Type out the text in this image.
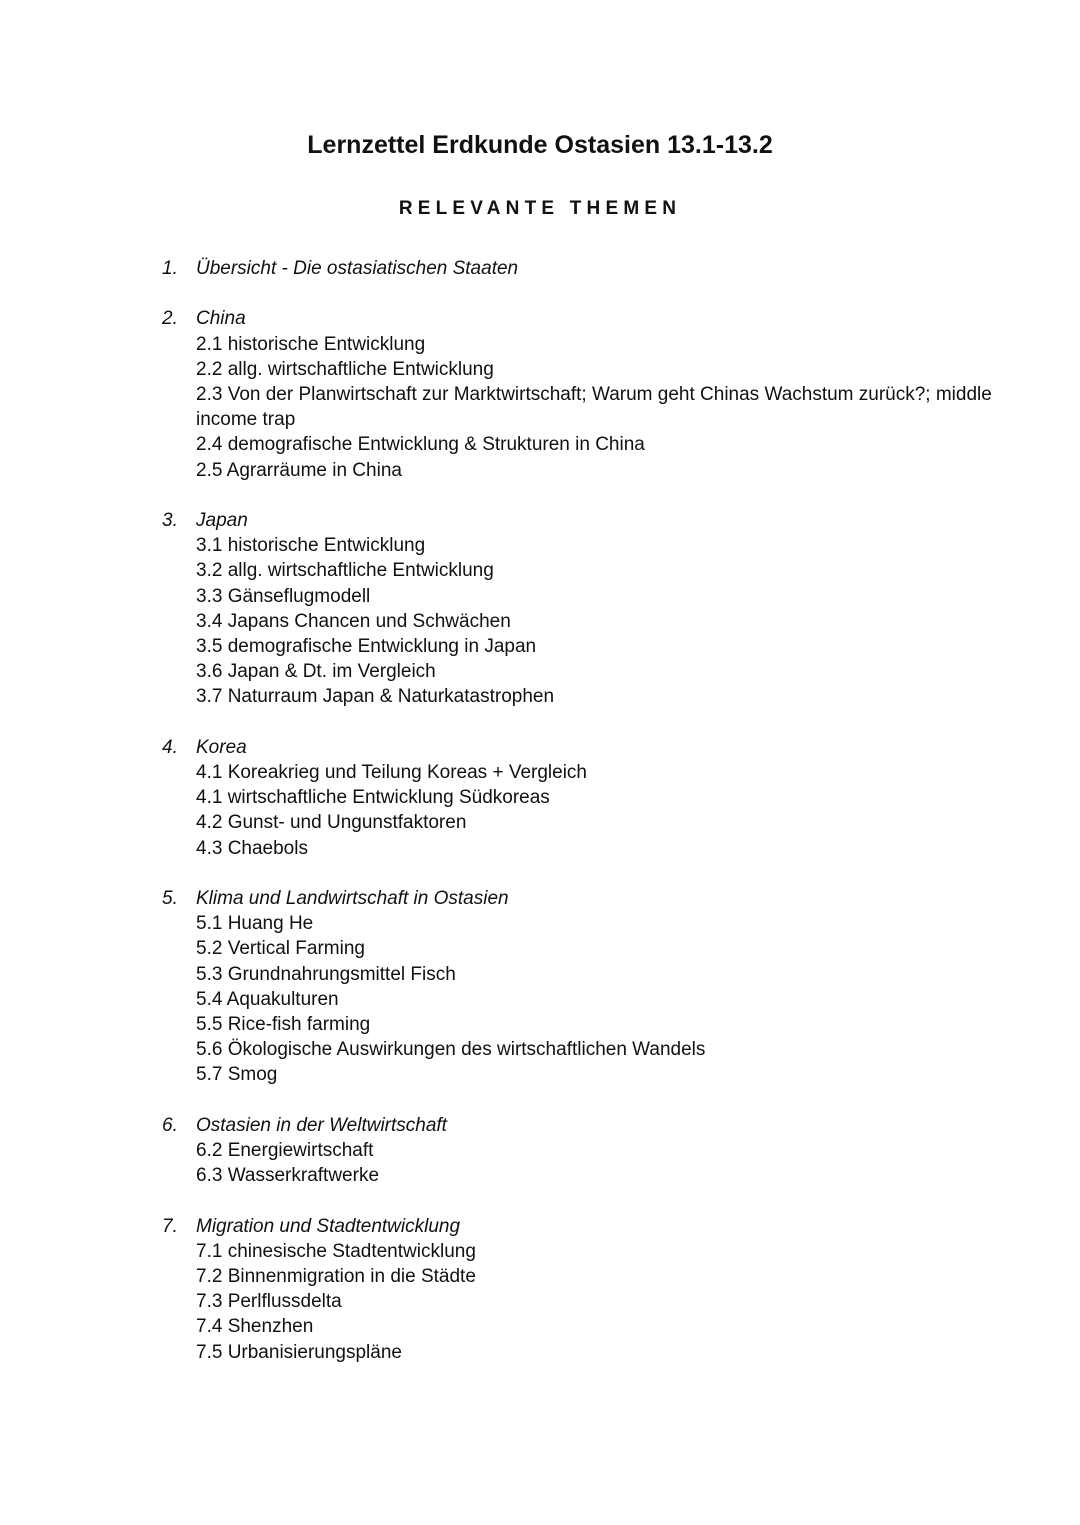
Lernzettel Erdkunde Ostasien 13.1-13.2
RELEVANTE THEMEN
1. Übersicht - Die ostasiatischen Staaten
2. China
2.1 historische Entwicklung
2.2 allg. wirtschaftliche Entwicklung
2.3 Von der Planwirtschaft zur Marktwirtschaft; Warum geht Chinas Wachstum zurück?; middle income trap
2.4 demografische Entwicklung & Strukturen in China
2.5 Agrarräume in China
3. Japan
3.1 historische Entwicklung
3.2 allg. wirtschaftliche Entwicklung
3.3 Gänseflugmodell
3.4 Japans Chancen und Schwächen
3.5 demografische Entwicklung in Japan
3.6 Japan & Dt. im Vergleich
3.7 Naturraum Japan & Naturkatastrophen
4. Korea
4.1 Koreakrieg und Teilung Koreas + Vergleich
4.1 wirtschaftliche Entwicklung Südkoreas
4.2 Gunst- und Ungunstfaktoren
4.3 Chaebols
5. Klima und Landwirtschaft in Ostasien
5.1 Huang He
5.2 Vertical Farming
5.3 Grundnahrungsmittel Fisch
5.4 Aquakulturen
5.5 Rice-fish farming
5.6 Ökologische Auswirkungen des wirtschaftlichen Wandels
5.7 Smog
6. Ostasien in der Weltwirtschaft
6.2 Energiewirtschaft
6.3 Wasserkraftwerke
7. Migration und Stadtentwicklung
7.1 chinesische Stadtentwicklung
7.2 Binnenmigration in die Städte
7.3 Perlflussdelta
7.4 Shenzhen
7.5 Urbanisierungspläne
